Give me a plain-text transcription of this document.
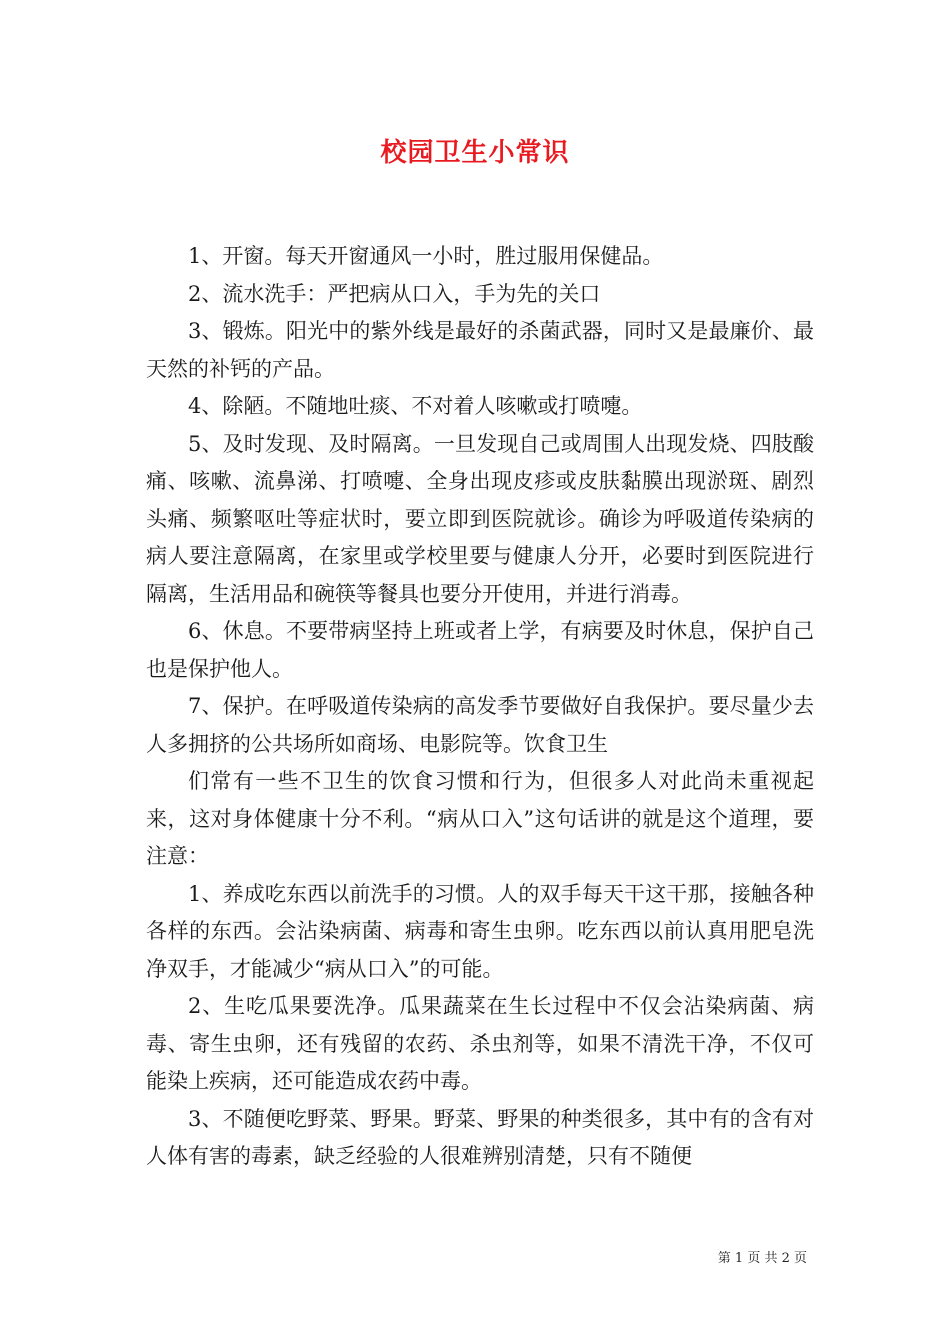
校园卫生小常识

1、开窗。每天开窗通风一小时，胜过服用保健品。

2、流水洗手：严把病从口入，手为先的关口

3、锻炼。阳光中的紫外线是最好的杀菌武器，同时又是最廉价、最天然的补钙的产品。

4、除陋。不随地吐痰、不对着人咳嗽或打喷嚏。

5、及时发现、及时隔离。一旦发现自己或周围人出现发烧、四肢酸痛、咳嗽、流鼻涕、打喷嚏、全身出现皮疹或皮肤黏膜出现淤斑、剧烈头痛、频繁呕吐等症状时，要立即到医院就诊。确诊为呼吸道传染病的病人要注意隔离，在家里或学校里要与健康人分开，必要时到医院进行隔离，生活用品和碗筷等餐具也要分开使用，并进行消毒。

6、休息。不要带病坚持上班或者上学，有病要及时休息，保护自己也是保护他人。

7、保护。在呼吸道传染病的高发季节要做好自我保护。要尽量少去人多拥挤的公共场所如商场、电影院等。饮食卫生

们常有一些不卫生的饮食习惯和行为，但很多人对此尚未重视起来，这对身体健康十分不利。“病从口入”这句话讲的就是这个道理，要注意：

1、养成吃东西以前洗手的习惯。人的双手每天干这干那，接触各种各样的东西。会沾染病菌、病毒和寄生虫卵。吃东西以前认真用肥皂洗净双手，才能减少“病从口入”的可能。

2、生吃瓜果要洗净。瓜果蔬菜在生长过程中不仅会沾染病菌、病毒、寄生虫卵，还有残留的农药、杀虫剂等，如果不清洗干净，不仅可能染上疾病，还可能造成农药中毒。

3、不随便吃野菜、野果。野菜、野果的种类很多，其中有的含有对人体有害的毒素，缺乏经验的人很难辨别清楚，只有不随便

第 1 页 共 2 页
